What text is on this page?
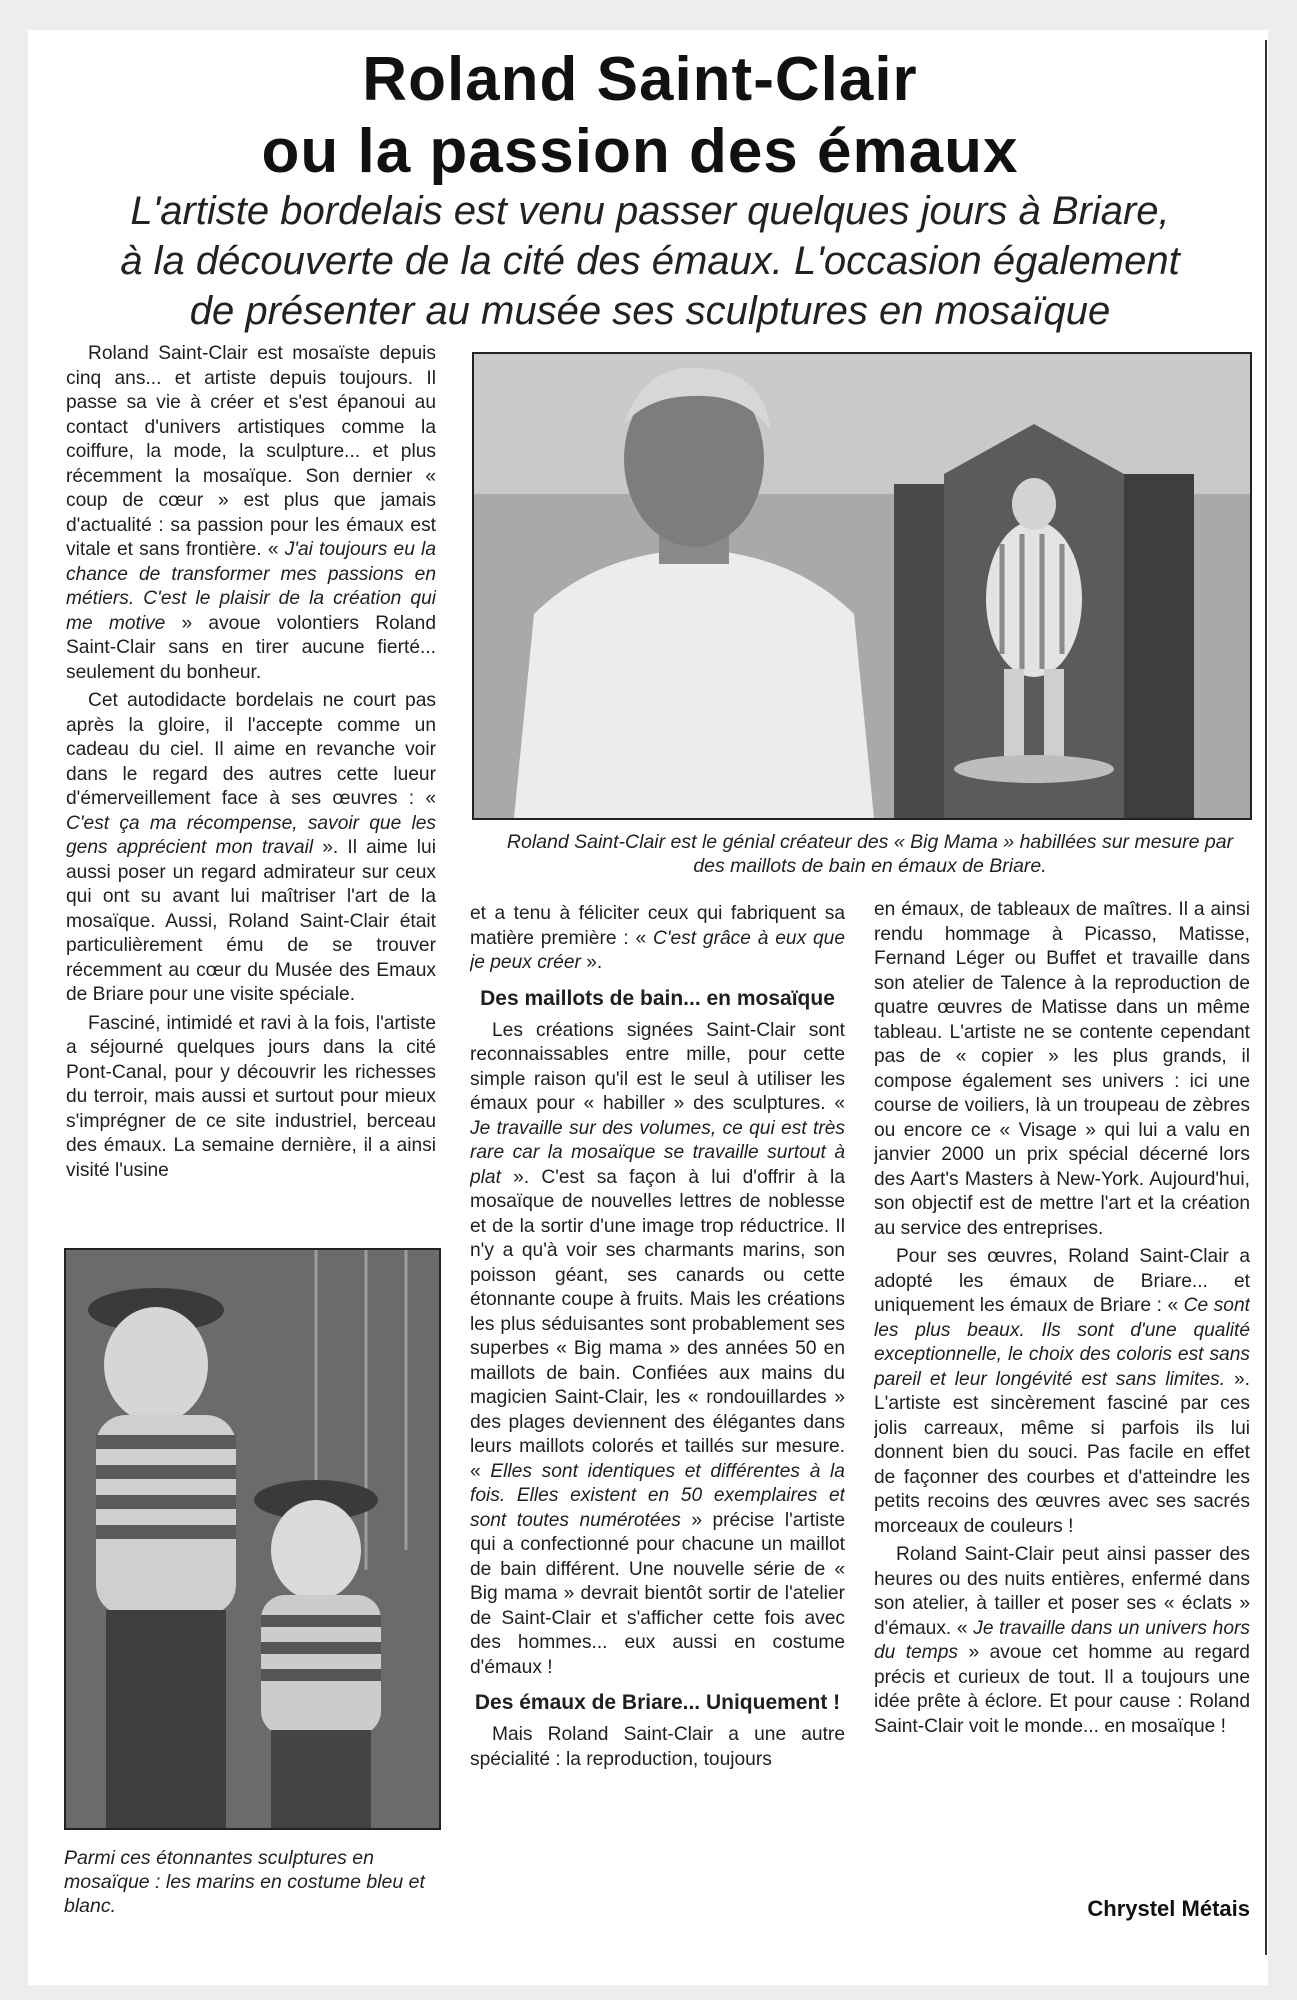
Roland Saint-Clair
ou la passion des émaux
L'artiste bordelais est venu passer quelques jours à Briare,
à la découverte de la cité des émaux. L'occasion également
de présenter au musée ses sculptures en mosaïque

Roland Saint-Clair est mosaïste depuis cinq ans... et artiste depuis toujours. Il passe sa vie à créer et s'est épanoui au contact d'univers artistiques comme la coiffure, la mode, la sculpture... et plus récemment la mosaïque. Son dernier « coup de cœur » est plus que jamais d'actualité : sa passion pour les émaux est vitale et sans frontière. « J'ai toujours eu la chance de transformer mes passions en métiers. C'est le plaisir de la création qui me motive » avoue volontiers Roland Saint-Clair sans en tirer aucune fierté... seulement du bonheur.

Cet autodidacte bordelais ne court pas après la gloire, il l'accepte comme un cadeau du ciel. Il aime en revanche voir dans le regard des autres cette lueur d'émerveillement face à ses œuvres : « C'est ça ma récompense, savoir que les gens apprécient mon travail ». Il aime lui aussi poser un regard admirateur sur ceux qui ont su avant lui maîtriser l'art de la mosaïque. Aussi, Roland Saint-Clair était particulièrement ému de se trouver récemment au cœur du Musée des Emaux de Briare pour une visite spéciale.

Fasciné, intimidé et ravi à la fois, l'artiste a séjourné quelques jours dans la cité Pont-Canal, pour y découvrir les richesses du terroir, mais aussi et surtout pour mieux s'imprégner de ce site industriel, berceau des émaux. La semaine dernière, il a ainsi visité l'usine

Roland Saint-Clair est le génial créateur des « Big Mama » habillées sur mesure par des maillots de bain en émaux de Briare.

et a tenu à féliciter ceux qui fabriquent sa matière première : « C'est grâce à eux que je peux créer ».

Des maillots de bain... en mosaïque

Les créations signées Saint-Clair sont reconnaissables entre mille, pour cette simple raison qu'il est le seul à utiliser les émaux pour « habiller » des sculptures. « Je travaille sur des volumes, ce qui est très rare car la mosaïque se travaille surtout à plat ». C'est sa façon à lui d'offrir à la mosaïque de nouvelles lettres de noblesse et de la sortir d'une image trop réductrice. Il n'y a qu'à voir ses charmants marins, son poisson géant, ses canards ou cette étonnante coupe à fruits. Mais les créations les plus séduisantes sont probablement ses superbes « Big mama » des années 50 en maillots de bain. Confiées aux mains du magicien Saint-Clair, les « rondouillardes » des plages deviennent des élégantes dans leurs maillots colorés et taillés sur mesure. « Elles sont identiques et différentes à la fois. Elles existent en 50 exemplaires et sont toutes numérotées » précise l'artiste qui a confectionné pour chacune un maillot de bain différent. Une nouvelle série de « Big mama » devrait bientôt sortir de l'atelier de Saint-Clair et s'afficher cette fois avec des hommes... eux aussi en costume d'émaux !

Des émaux de Briare... Uniquement !

Mais Roland Saint-Clair a une autre spécialité : la reproduction, toujours

en émaux, de tableaux de maîtres. Il a ainsi rendu hommage à Picasso, Matisse, Fernand Léger ou Buffet et travaille dans son atelier de Talence à la reproduction de quatre œuvres de Matisse dans un même tableau. L'artiste ne se contente cependant pas de « copier » les plus grands, il compose également ses univers : ici une course de voiliers, là un troupeau de zèbres ou encore ce « Visage » qui lui a valu en janvier 2000 un prix spécial décerné lors des Aart's Masters à New-York. Aujourd'hui, son objectif est de mettre l'art et la création au service des entreprises.

Pour ses œuvres, Roland Saint-Clair a adopté les émaux de Briare... et uniquement les émaux de Briare : « Ce sont les plus beaux. Ils sont d'une qualité exceptionnelle, le choix des coloris est sans pareil et leur longévité est sans limites. ». L'artiste est sincèrement fasciné par ces jolis carreaux, même si parfois ils lui donnent bien du souci. Pas facile en effet de façonner des courbes et d'atteindre les petits recoins des œuvres avec ses sacrés morceaux de couleurs !

Roland Saint-Clair peut ainsi passer des heures ou des nuits entières, enfermé dans son atelier, à tailler et poser ses « éclats » d'émaux. « Je travaille dans un univers hors du temps » avoue cet homme au regard précis et curieux de tout. Il a toujours une idée prête à éclore. Et pour cause : Roland Saint-Clair voit le monde... en mosaïque !

Parmi ces étonnantes sculptures en mosaïque : les marins en costume bleu et blanc.	Chrystel Métais
